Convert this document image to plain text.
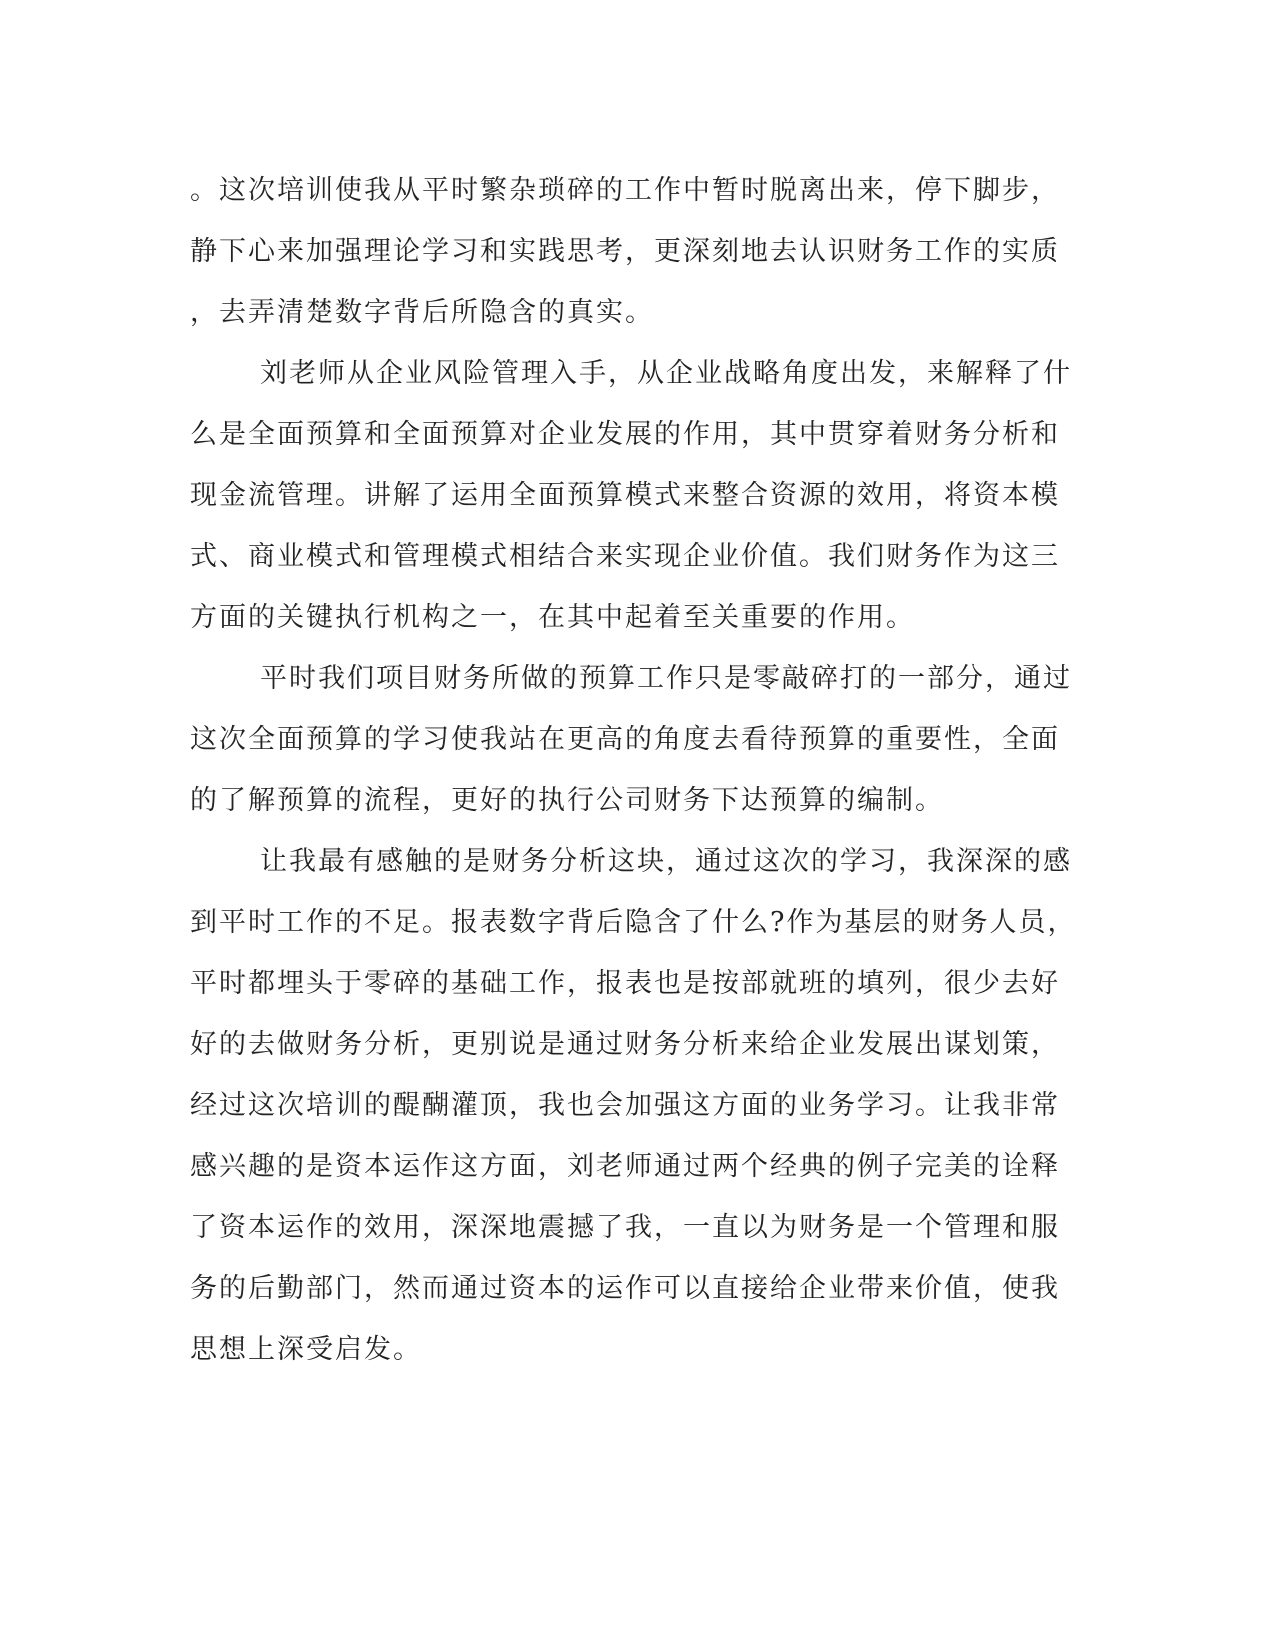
。这次培训使我从平时繁杂琐碎的工作中暂时脱离出来，停下脚步，
静下心来加强理论学习和实践思考，更深刻地去认识财务工作的实质
，去弄清楚数字背后所隐含的真实。
刘老师从企业风险管理入手，从企业战略角度出发，来解释了什
么是全面预算和全面预算对企业发展的作用，其中贯穿着财务分析和
现金流管理。讲解了运用全面预算模式来整合资源的效用，将资本模
式、商业模式和管理模式相结合来实现企业价值。我们财务作为这三
方面的关键执行机构之一，在其中起着至关重要的作用。
平时我们项目财务所做的预算工作只是零敲碎打的一部分，通过
这次全面预算的学习使我站在更高的角度去看待预算的重要性，全面
的了解预算的流程，更好的执行公司财务下达预算的编制。
让我最有感触的是财务分析这块，通过这次的学习，我深深的感
到平时工作的不足。报表数字背后隐含了什么?作为基层的财务人员，
平时都埋头于零碎的基础工作，报表也是按部就班的填列，很少去好
好的去做财务分析，更别说是通过财务分析来给企业发展出谋划策，
经过这次培训的醍醐灌顶，我也会加强这方面的业务学习。让我非常
感兴趣的是资本运作这方面，刘老师通过两个经典的例子完美的诠释
了资本运作的效用，深深地震撼了我，一直以为财务是一个管理和服
务的后勤部门，然而通过资本的运作可以直接给企业带来价值，使我
思想上深受启发。
